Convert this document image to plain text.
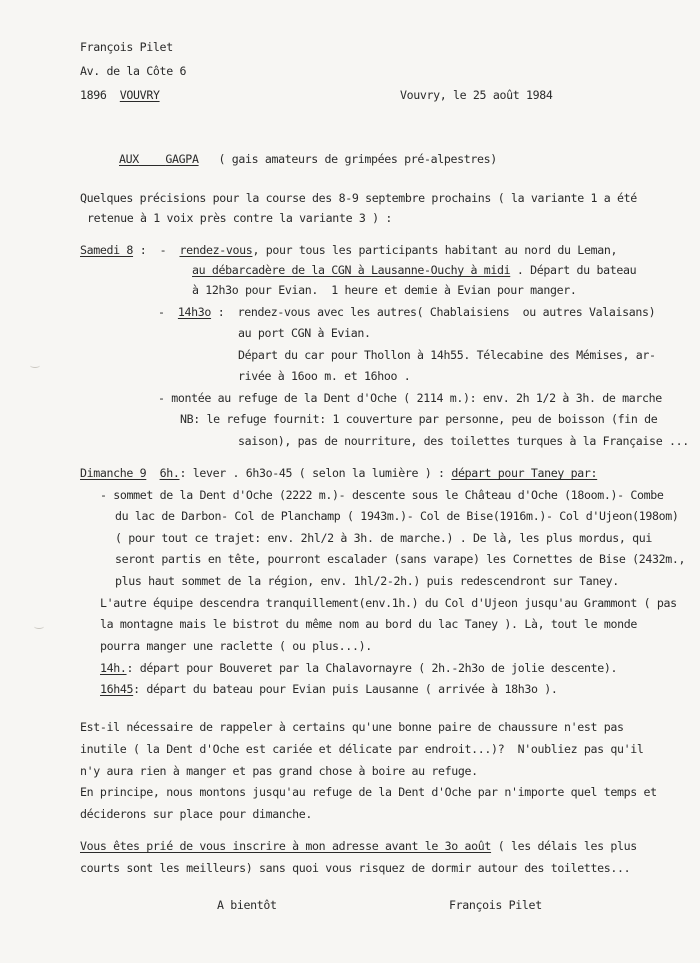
François Pilet
Av. de la Côte 6
1896 VOUVRY	Vouvry, le 25 août 1984
AUX GAGPA ( gais amateurs de grimpées pré-alpestres)
Quelques précisions pour la course des 8-9 septembre prochains ( la variante 1 a été
retenue à 1 voix près contre la variante 3 ) :
Samedi 8 : - rendez-vous, pour tous les participants habitant au nord du Leman,
au débarcadère de la CGN à Lausanne-Ouchy à midi . Départ du bateau
à 12h3o pour Evian.  1 heure et demie à Evian pour manger.
- 14h3o :  rendez-vous avec les autres( Chablaisiens  ou autres Valaisans)
au port CGN à Evian.
Départ du car pour Thollon à 14h55. Télecabine des Mémises, ar-
rivée à 16oo m. et 16hoo .
- montée au refuge de la Dent d'Oche ( 2114 m.): env. 2h 1/2 à 3h. de marche
NB: le refuge fournit: 1 couverture par personne, peu de boisson (fin de
saison), pas de nourriture, des toilettes turques à la Française ...
Dimanche 9 6h.: lever . 6h3o-45 ( selon la lumière ) : départ pour Taney par:
- sommet de la Dent d'Oche (2222 m.)- descente sous le Château d'Oche (18oom.)- Combe
du lac de Darbon- Col de Planchamp ( 1943m.)- Col de Bise(1916m.)- Col d'Ujeon(198om)
( pour tout ce trajet: env. 2hl/2 à 3h. de marche.) . De là, les plus mordus, qui
seront partis en tête, pourront escalader (sans varape) les Cornettes de Bise (2432m.,
plus haut sommet de la région, env. 1hl/2-2h.) puis redescendront sur Taney.
L'autre équipe descendra tranquillement(env.1h.) du Col d'Ujeon jusqu'au Grammont ( pas
la montagne mais le bistrot du même nom au bord du lac Taney ). Là, tout le monde
pourra manger une raclette ( ou plus...).
14h.: départ pour Bouveret par la Chalavornayre ( 2h.-2h3o de jolie descente).
16h45: départ du bateau pour Evian puis Lausanne ( arrivée à 18h3o ).
Est-il nécessaire de rappeler à certains qu'une bonne paire de chaussure n'est pas
inutile ( la Dent d'Oche est cariée et délicate par endroit...)?  N'oubliez pas qu'il
n'y aura rien à manger et pas grand chose à boire au refuge.
En principe, nous montons jusqu'au refuge de la Dent d'Oche par n'importe quel temps et
déciderons sur place pour dimanche.
Vous êtes prié de vous inscrire à mon adresse avant le 3o août ( les délais les plus
courts sont les meilleurs) sans quoi vous risquez de dormir autour des toilettes...
A bientôt	François Pilet
